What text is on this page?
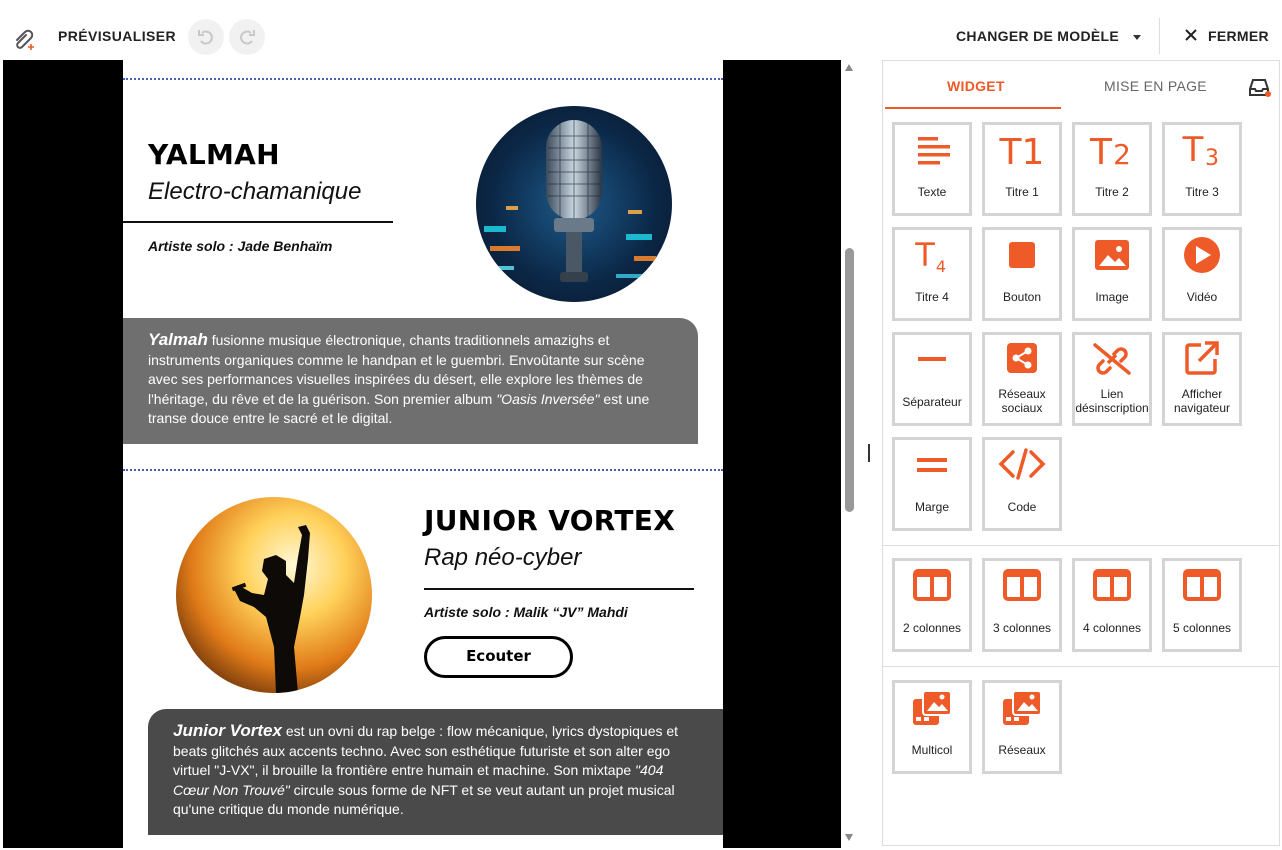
PRÉVISUALISER	CHANGER DE MODÈLE	FERMER
YALMAH
Electro-chamanique
Artiste solo : Jade Benhaïm
Yalmah fusionne musique électronique, chants traditionnels amazighs et instruments organiques comme le handpan et le guembri. Envoûtante sur scène avec ses performances visuelles inspirées du désert, elle explore les thèmes de l'héritage, du rêve et de la guérison. Son premier album "Oasis Inversée" est une transe douce entre le sacré et le digital.
JUNIOR VORTEX
Rap néo-cyber
Artiste solo : Malik “JV” Mahdi
Ecouter
Junior Vortex est un ovni du rap belge : flow mécanique, lyrics dystopiques et beats glitchés aux accents techno. Avec son esthétique futuriste et son alter ego virtuel "J-VX", il brouille la frontière entre humain et machine. Son mixtape "404 Cœur Non Trouvé" circule sous forme de NFT et se veut autant un projet musical qu'une critique du monde numérique.
WIDGET	MISE EN PAGE
Texte
T1
Titre 1
T 2
Titre 2
T 3
Titre 3
T 4
Titre 4	Bouton	Image	Vidéo
Séparateur
Réseaux
sociaux
Lien
désinscription
Afficher
navigateur
Marge	Code
2 colonnes	3 colonnes	4 colonnes	5 colonnes
Multicol	Réseaux
